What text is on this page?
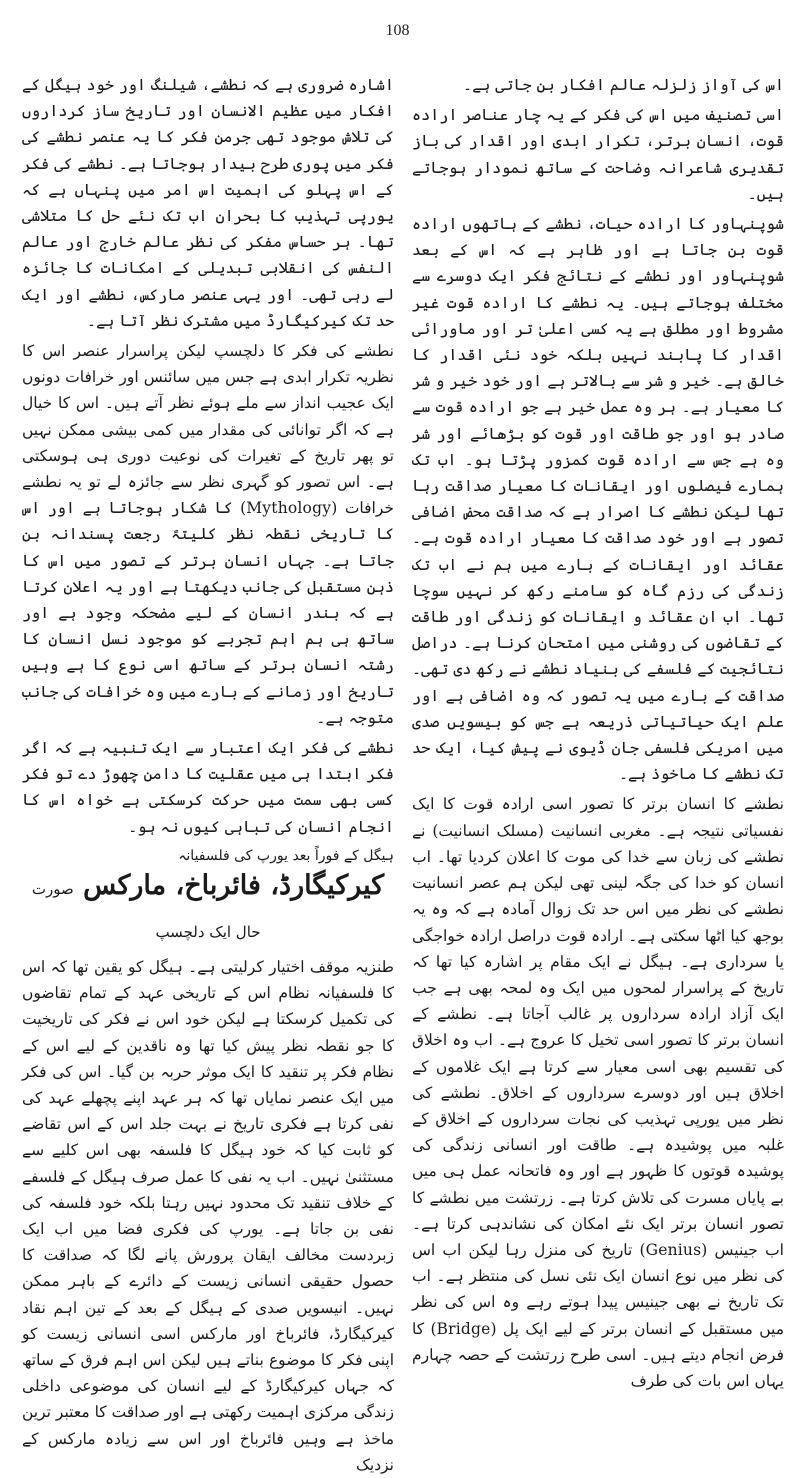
108

اس کی آواز زلزلہ عالم افکار بن جاتی ہے۔

اسی تصنیف میں اس کی فکر کے یہ چار عناصر ارادہ قوت، انسان برتر، تکرار ابدی اور اقدار کی باز تقدیری شاعرانہ وضاحت کے ساتھ نمودار ہوجاتے ہیں۔

شوپنہاور کا ارادہ حیات، نطشے کے ہاتھوں ارادہ قوت بن جاتا ہے اور ظاہر ہے کہ اس کے بعد شوپنہاور اور نطشے کے نتائج فکر ایک دوسرے سے مختلف ہوجاتے ہیں۔ یہ نطشے کا ارادہ قوت غیر مشروط اور مطلق ہے یہ کسی اعلیٰ تر اور ماورائی اقدار کا پابند نہیں بلکہ خود نئی اقدار کا خالق ہے۔ خیر و شر سے بالاتر ہے اور خود خیر و شر کا معیار ہے۔ ہر وہ عمل خیر ہے جو ارادہ قوت سے صادر ہو اور جو طاقت اور قوت کو بڑھائے اور شر وہ ہے جس سے ارادہ قوت کمزور پڑتا ہو۔ اب تک ہمارے فیصلوں اور ایقانات کا معیار صداقت رہا تھا لیکن نطشے کا اصرار ہے کہ صداقت محض اضافی تصور ہے اور خود صداقت کا معیار ارادہ قوت ہے۔ عقائد اور ایقانات کے بارے میں ہم نے اب تک زندگی کی رزم گاہ کو سامنے رکھ کر نہیں سوچا تھا۔ اب ان عقائد و ایقانات کو زندگی اور طاقت کے تقاضوں کی روشنی میں امتحان کرنا ہے۔ دراصل نتائجیت کے فلسفے کی بنیاد نطشے نے رکھ دی تھی۔ صداقت کے بارے میں یہ تصور کہ وہ اضافی ہے اور علم ایک حیاتیاتی ذریعہ ہے جس کو بیسویں صدی میں امریکی فلسفی جان ڈیوی نے پیش کیا، ایک حد تک نطشے کا ماخوذ ہے۔

نطشے کا انسان برتر کا تصور اسی ارادہ قوت کا ایک نفسیاتی نتیجہ ہے۔ مغربی انسانیت (مسلک انسانیت) نے نطشے کی زبان سے خدا کی موت کا اعلان کردیا تھا۔ اب انسان کو خدا کی جگہ لینی تھی لیکن ہم عصر انسانیت نطشے کی نظر میں اس حد تک زوال آمادہ ہے کہ وہ یہ بوجھ کیا اٹھا سکتی ہے۔ ارادہ قوت دراصل ارادہ خواجگی یا سرداری ہے۔ ہیگل نے ایک مقام پر اشارہ کیا تھا کہ تاریخ کے پراسرار لمحوں میں ایک وہ لمحہ بھی ہے جب ایک آزاد ارادہ سرداروں پر غالب آجاتا ہے۔ نطشے کے انسان برتر کا تصور اسی تخیل کا عروج ہے۔ اب وہ اخلاق کی تقسیم بھی اسی معیار سے کرتا ہے ایک غلاموں کے اخلاق ہیں اور دوسرے سرداروں کے اخلاق۔ نطشے کی نظر میں یورپی تہذیب کی نجات سرداروں کے اخلاق کے غلبہ میں پوشیدہ ہے۔ طاقت اور انسانی زندگی کی پوشیدہ قوتوں کا ظہور ہے اور وہ فاتحانہ عمل ہی میں بے پایاں مسرت کی تلاش کرتا ہے۔ زرتشت میں نطشے کا تصور انسان برتر ایک نئے امکان کی نشاندہی کرتا ہے۔ اب جینیس (Genius) تاریخ کی منزل رہا لیکن اب اس کی نظر میں نوع انسان ایک نئی نسل کی منتظر ہے۔ اب تک تاریخ نے بھی جینیس پیدا ہوتے رہے وہ اس کی نظر میں مستقبل کے انسان برتر کے لیے ایک پل (Bridge) کا فرض انجام دیتے ہیں۔ اسی طرح زرتشت کے حصہ چہارم یہاں اس بات کی طرف

اشارہ ضروری ہے کہ نطشے، شیلنگ اور خود ہیگل کے افکار میں عظیم الانسان اور تاریخ ساز کرداروں کی تلاش موجود تھی جرمن فکر کا یہ عنصر نطشے کی فکر میں پوری طرح بیدار ہوجاتا ہے۔ نطشے کی فکر کے اس پہلو کی اہمیت اس امر میں پنہاں ہے کہ یورپی تہذیب کا بحران اب تک نئے حل کا متلاشی تھا۔ ہر حساس مفکر کی نظر عالم خارج اور عالم النفس کی انقلابی تبدیلی کے امکانات کا جائزہ لے رہی تھی۔ اور یہی عنصر مارکس، نطشے اور ایک حد تک کیرکیگارڈ میں مشترک نظر آتا ہے۔

نطشے کی فکر کا دلچسپ لیکن پراسرار عنصر اس کا نظریہ تکرار ابدی ہے جس میں سائنس اور خرافات دونوں ایک عجیب انداز سے ملے ہوئے نظر آتے ہیں۔ اس کا خیال ہے کہ اگر توانائی کی مقدار میں کمی بیشی ممکن نہیں تو پھر تاریخ کے تغیرات کی نوعیت دوری ہی ہوسکتی ہے۔ اس تصور کو گہری نظر سے جائزہ لے تو یہ نطشے خرافات (Mythology) کا شکار ہوجاتا ہے اور اس کا تاریخی نقطہ نظر کلیتہً رجعت پسندانہ بن جاتا ہے۔ جہاں انسان برتر کے تصور میں اس کا ذہن مستقبل کی جانب دیکھتا ہے اور یہ اعلان کرتا ہے کہ بندر انسان کے لیے مضحکہ وجود ہے اور ساتھ ہی ہم اہم تجربے کو موجود نسل انسان کا رشتہ انسان برتر کے ساتھ اسی نوع کا ہے وہیں تاریخ اور زمانے کے بارے میں وہ خرافات کی جانب متوجہ ہے۔

نطشے کی فکر ایک اعتبار سے ایک تنبیہ ہے کہ اگر فکر ابتدا ہی میں عقلیت کا دامن چھوڑ دے تو فکر کسی بھی سمت میں حرکت کرسکتی ہے خواہ اس کا انجام انسان کی تباہی کیوں نہ ہو۔

ہیگل کے فوراً بعد یورپ کی فلسفیانہ

کیرکیگارڈ، فائرباخ، مارکس صورت حال ایک دلچسپ

طنزیہ موقف اختیار کرلیتی ہے۔ ہیگل کو یقین تھا کہ اس کا فلسفیانہ نظام اس کے تاریخی عہد کے تمام تقاضوں کی تکمیل کرسکتا ہے لیکن خود اس نے فکر کی تاریخیت کا جو نقطہ نظر پیش کیا تھا وہ ناقدین کے لیے اس کے نظام فکر پر تنقید کا ایک موثر حربہ بن گیا۔ اس کی فکر میں ایک عنصر نمایاں تھا کہ ہر عہد اپنے پچھلے عہد کی نفی کرتا ہے فکری تاریخ نے بہت جلد اس کے اس تقاضے کو ثابت کیا کہ خود ہیگل کا فلسفہ بھی اس کلیے سے مستثنیٰ نہیں۔ اب یہ نفی کا عمل صرف ہیگل کے فلسفے کے خلاف تنقید تک محدود نہیں رہتا بلکہ خود فلسفہ کی نفی بن جاتا ہے۔ یورپ کی فکری فضا میں اب ایک زبردست مخالف ایقان پرورش پانے لگا کہ صداقت کا حصول حقیقی انسانی زیست کے دائرے کے باہر ممکن نہیں۔ انیسویں صدی کے ہیگل کے بعد کے تین اہم نقاد کیرکیگارڈ، فائرباخ اور مارکس اسی انسانی زیست کو اپنی فکر کا موضوع بناتے ہیں لیکن اس اہم فرق کے ساتھ کہ جہاں کیرکیگارڈ کے لیے انسان کی موضوعی داخلی زندگی مرکزی اہمیت رکھتی ہے اور صداقت کا معتبر ترین ماخذ ہے وہیں فائرباخ اور اس سے زیادہ مارکس کے نزدیک
